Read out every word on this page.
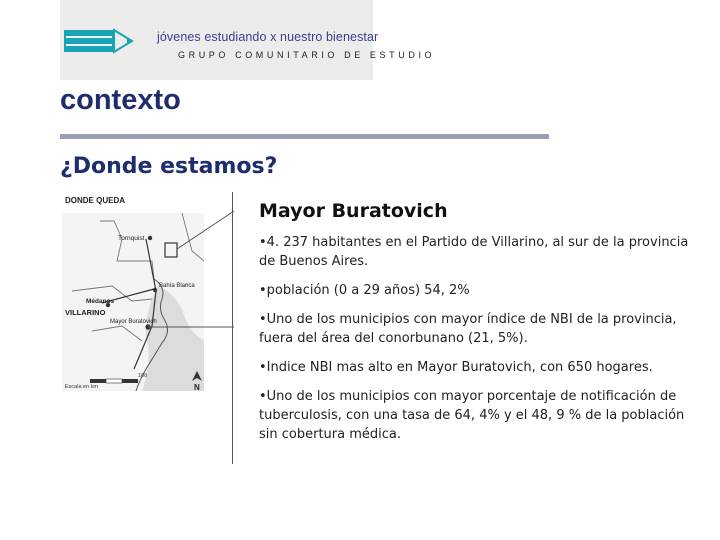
jóvenes estudiando x nuestro bienestar
GRUPO COMUNITARIO DE ESTUDIO
contexto
¿Donde estamos?
DONDE QUEDA
Tornquist
Médanos
Bahía Blanca
VILLARINO
Mayor Buratovich
Escala en km
100
N
Mayor Buratovich

•4. 237 habitantes en el Partido de Villarino, al sur de la provincia de Buenos Aires.

•población (0 a 29 años) 54, 2%

•Uno de los municipios con mayor índice de NBI de la provincia, fuera del área del conorbunano (21, 5%).

•Indice NBI mas alto en Mayor Buratovich, con 650 hogares.

•Uno de los municipios con mayor porcentaje de notificación de tuberculosis, con una tasa de 64, 4% y el 48, 9 % de la población sin cobertura médica.
